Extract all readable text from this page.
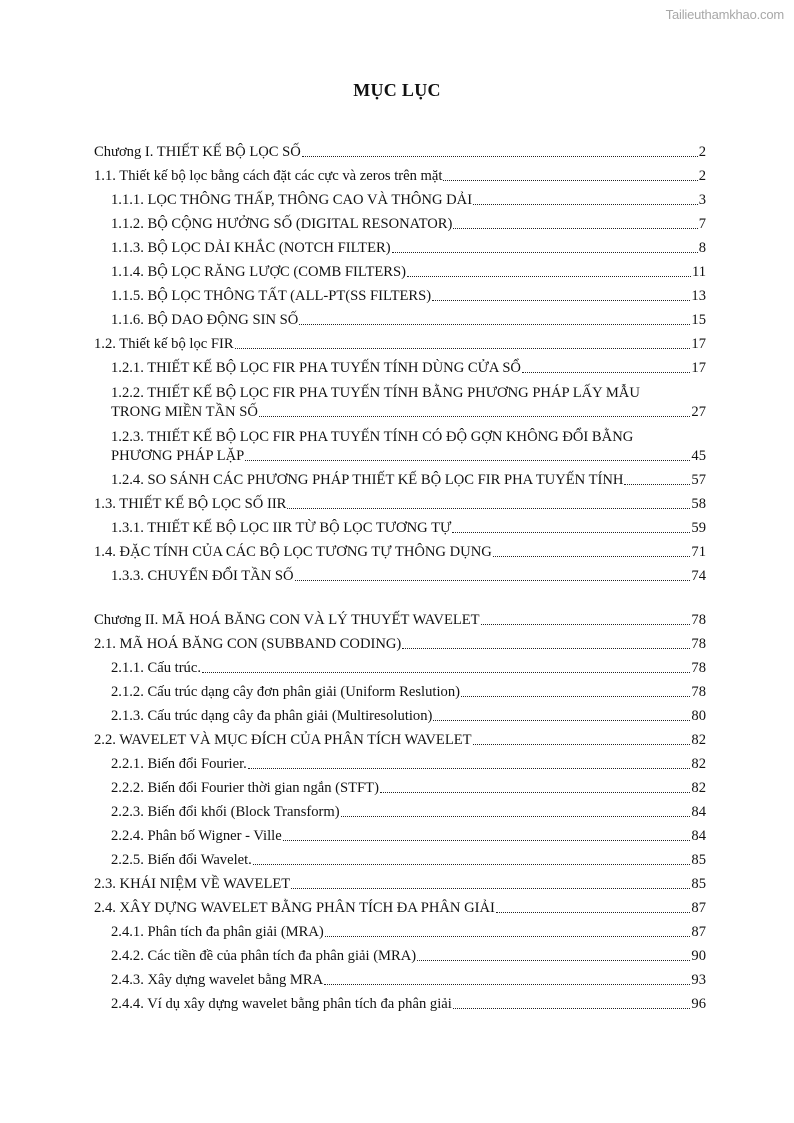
Tailieuthamkhao.com
MỤC LỤC
Chương I. THIẾT KẾ BỘ LỌC SỐ	2
1.1. Thiết kế bộ lọc bằng cách đặt các cực và zeros trên mặt	2
1.1.1. LỌC THÔNG THẤP, THÔNG CAO VÀ THÔNG DẢI	3
1.1.2. BỘ CỘNG HƯỞNG SỐ (DIGITAL RESONATOR)	7
1.1.3. BỘ LỌC DẢI KHẮC (NOTCH FILTER)	8
1.1.4. BỘ LỌC RĂNG LƯỢC (COMB FILTERS)	11
1.1.5. BỘ LỌC THÔNG TẤT (ALL-PT(SS FILTERS)	13
1.1.6. BỘ DAO ĐỘNG SIN SỐ	15
1.2. Thiết kế bộ lọc FIR	17
1.2.1. THIẾT KẾ BỘ LỌC FIR PHA TUYẾN TÍNH DÙNG CỬA SỔ	17
1.2.2. THIẾT KẾ BỘ LỌC FIR PHA TUYẾN TÍNH BẰNG PHƯƠNG PHÁP LẤY MẪU
TRONG MIỀN TẦN SỐ	27
1.2.3. THIẾT KẾ BỘ LỌC FIR PHA TUYẾN TÍNH CÓ ĐỘ GỢN KHÔNG ĐỔI BẰNG
PHƯƠNG PHÁP LẶP	45
1.2.4. SO SÁNH CÁC PHƯƠNG PHÁP THIẾT KẾ BỘ LỌC FIR PHA TUYẾN TÍNH	57
1.3. THIẾT KẾ BỘ LỌC SỐ IIR	58
1.3.1. THIẾT KẾ BỘ LỌC IIR TỪ BỘ LỌC TƯƠNG TỰ	59
1.4. ĐẶC TÍNH CỦA CÁC BỘ LỌC TƯƠNG TỰ THÔNG DỤNG	71
1.3.3. CHUYỂN ĐỔI TẦN SỐ	74
Chương II. MÃ HOÁ BĂNG CON VÀ LÝ THUYẾT WAVELET	78
2.1. MÃ HOÁ BĂNG CON (SUBBAND CODING)	78
2.1.1. Cấu trúc.	78
2.1.2. Cấu trúc dạng cây đơn phân giải (Uniform Reslution)	78
2.1.3. Cấu trúc dạng cây đa phân giải (Multiresolution)	80
2.2. WAVELET VÀ MỤC ĐÍCH CỦA PHÂN TÍCH WAVELET	82
2.2.1. Biến đổi Fourier.	82
2.2.2. Biến đổi Fourier thời gian ngắn (STFT)	82
2.2.3. Biến đổi khối (Block Transform)	84
2.2.4. Phân bố Wigner - Ville	84
2.2.5. Biến đổi Wavelet.	85
2.3. KHÁI NIỆM VỀ WAVELET	85
2.4. XÂY DỰNG WAVELET BẰNG PHÂN TÍCH ĐA PHÂN GIẢI	87
2.4.1. Phân tích đa phân giải (MRA)	87
2.4.2. Các tiền đề của phân tích đa phân giải (MRA)	90
2.4.3. Xây dựng wavelet bằng MRA	93
2.4.4. Ví dụ xây dựng wavelet bằng phân tích đa phân giải	96
